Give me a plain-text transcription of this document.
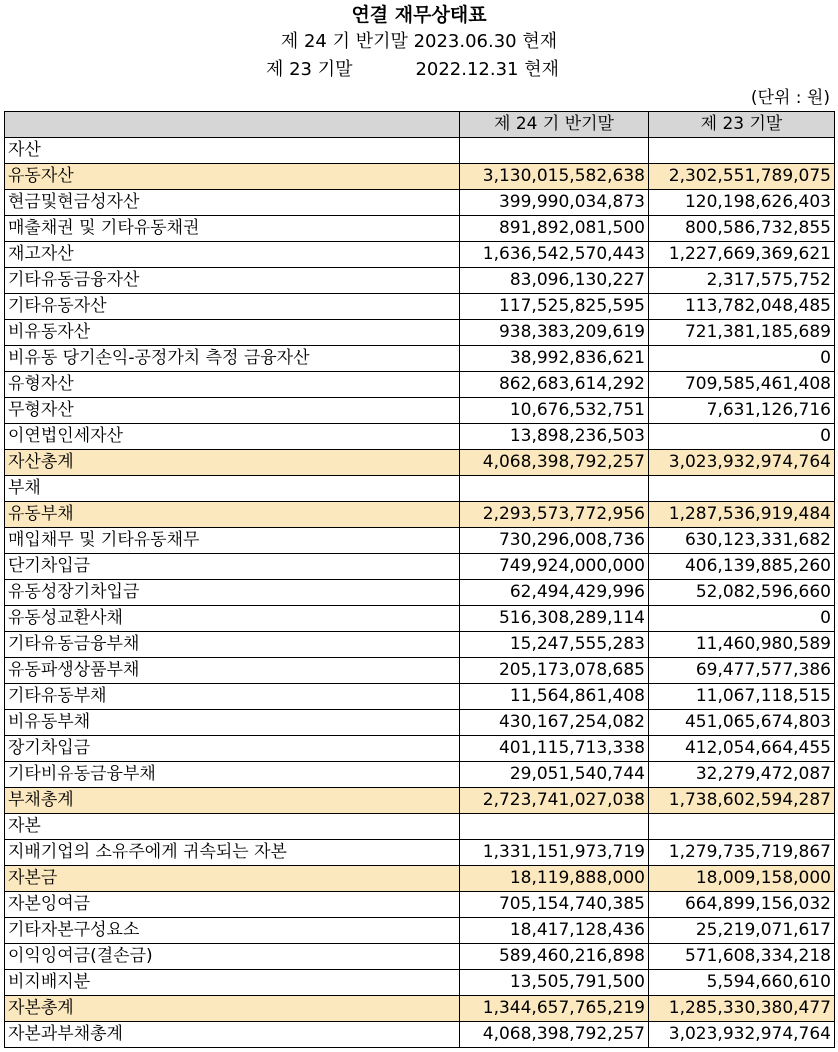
연결 재무상태표
제 24 기 반기말 2023.06.30 현재
제 23 기말           2022.12.31 현재
(단위 : 원)
	제 24 기 반기말	제 23 기말
자산		
유동자산	3,130,015,582,638	2,302,551,789,075
현금및현금성자산	399,990,034,873	120,198,626,403
매출채권 및 기타유동채권	891,892,081,500	800,586,732,855
재고자산	1,636,542,570,443	1,227,669,369,621
기타유동금융자산	83,096,130,227	2,317,575,752
기타유동자산	117,525,825,595	113,782,048,485
비유동자산	938,383,209,619	721,381,185,689
비유동 당기손익-공정가치 측정 금융자산	38,992,836,621	0
유형자산	862,683,614,292	709,585,461,408
무형자산	10,676,532,751	7,631,126,716
이연법인세자산	13,898,236,503	0
자산총계	4,068,398,792,257	3,023,932,974,764
부채		
유동부채	2,293,573,772,956	1,287,536,919,484
매입채무 및 기타유동채무	730,296,008,736	630,123,331,682
단기차입금	749,924,000,000	406,139,885,260
유동성장기차입금	62,494,429,996	52,082,596,660
유동성교환사채	516,308,289,114	0
기타유동금융부채	15,247,555,283	11,460,980,589
유동파생상품부채	205,173,078,685	69,477,577,386
기타유동부채	11,564,861,408	11,067,118,515
비유동부채	430,167,254,082	451,065,674,803
장기차입금	401,115,713,338	412,054,664,455
기타비유동금융부채	29,051,540,744	32,279,472,087
부채총계	2,723,741,027,038	1,738,602,594,287
자본		
지배기업의 소유주에게 귀속되는 자본	1,331,151,973,719	1,279,735,719,867
자본금	18,119,888,000	18,009,158,000
자본잉여금	705,154,740,385	664,899,156,032
기타자본구성요소	18,417,128,436	25,219,071,617
이익잉여금(결손금)	589,460,216,898	571,608,334,218
비지배지분	13,505,791,500	5,594,660,610
자본총계	1,344,657,765,219	1,285,330,380,477
자본과부채총계	4,068,398,792,257	3,023,932,974,764
